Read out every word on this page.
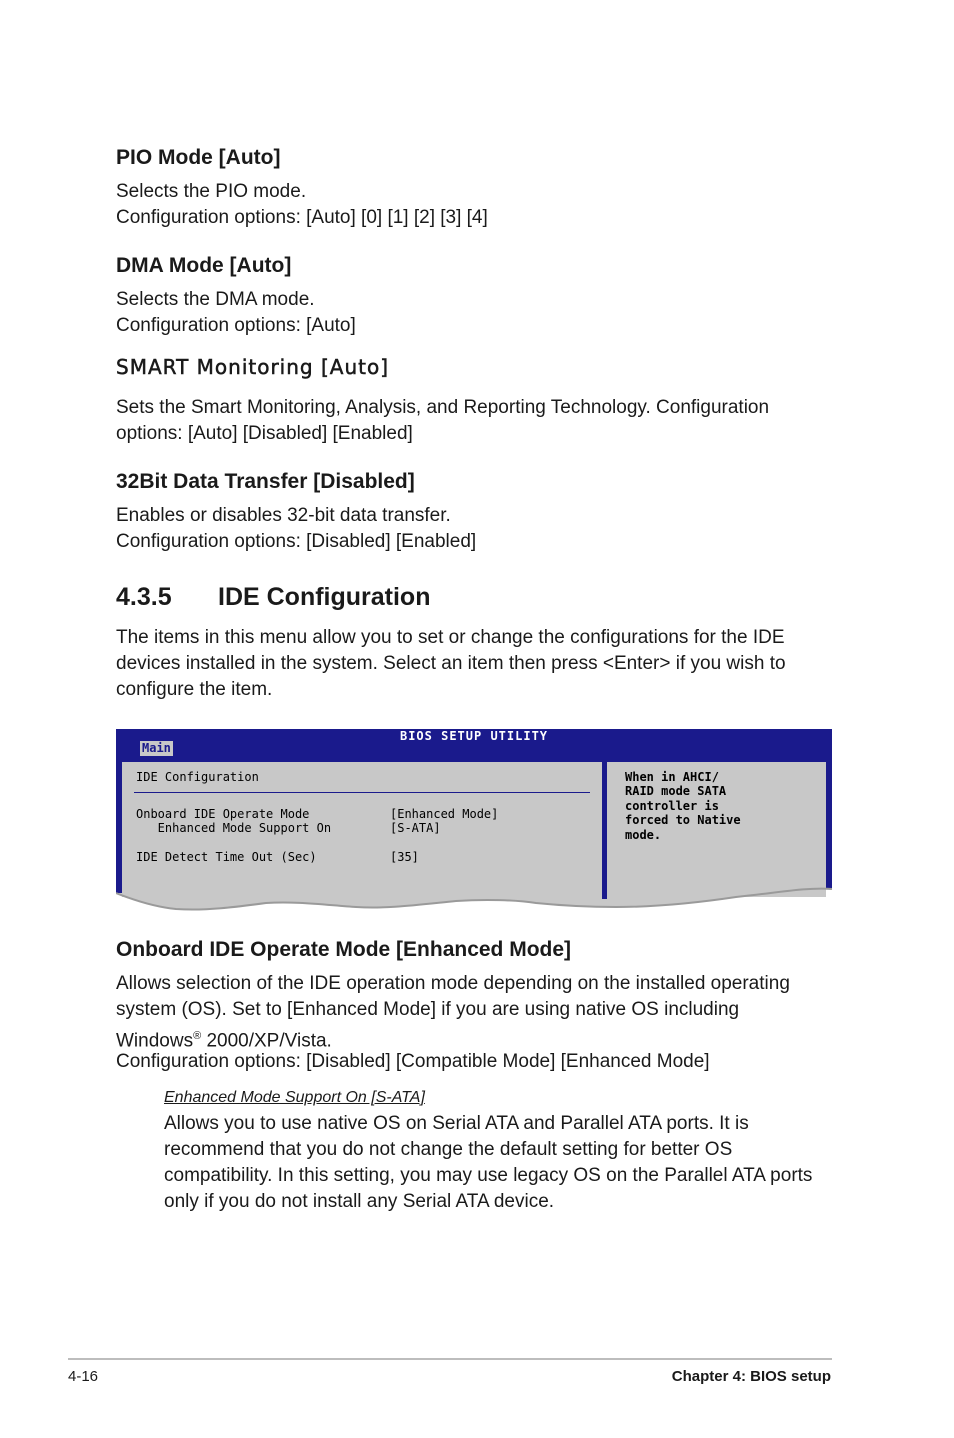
PIO Mode [Auto]
Selects the PIO mode.
Configuration options: [Auto] [0] [1] [2] [3] [4]
DMA Mode [Auto]
Selects the DMA mode.
Configuration options: [Auto]
SMART Monitoring [Auto]
Sets the Smart Monitoring, Analysis, and Reporting Technology. Configuration
options: [Auto] [Disabled] [Enabled]
32Bit Data Transfer [Disabled]
Enables or disables 32-bit data transfer.
Configuration options: [Disabled] [Enabled]
4.3.5 IDE Configuration
The items in this menu allow you to set or change the configurations for the IDE
devices installed in the system. Select an item then press <Enter> if you wish to
configure the item.
BIOS SETUP UTILITY
Main
IDE Configuration
Onboard IDE Operate Mode	[Enhanced Mode]
Enhanced Mode Support On	[S-ATA]
IDE Detect Time Out (Sec)	[35]
When in AHCI/
RAID mode SATA
controller is
forced to Native
mode.
Onboard IDE Operate Mode [Enhanced Mode]
Allows selection of the IDE operation mode depending on the installed operating
system (OS). Set to [Enhanced Mode] if you are using native OS including
Windows® 2000/XP/Vista.
Configuration options: [Disabled] [Compatible Mode] [Enhanced Mode]
Enhanced Mode Support On [S-ATA]
Allows you to use native OS on Serial ATA and Parallel ATA ports. It is
recommend that you do not change the default setting for better OS
compatibility. In this setting, you may use legacy OS on the Parallel ATA ports
only if you do not install any Serial ATA device.
4-16	Chapter 4: BIOS setup
